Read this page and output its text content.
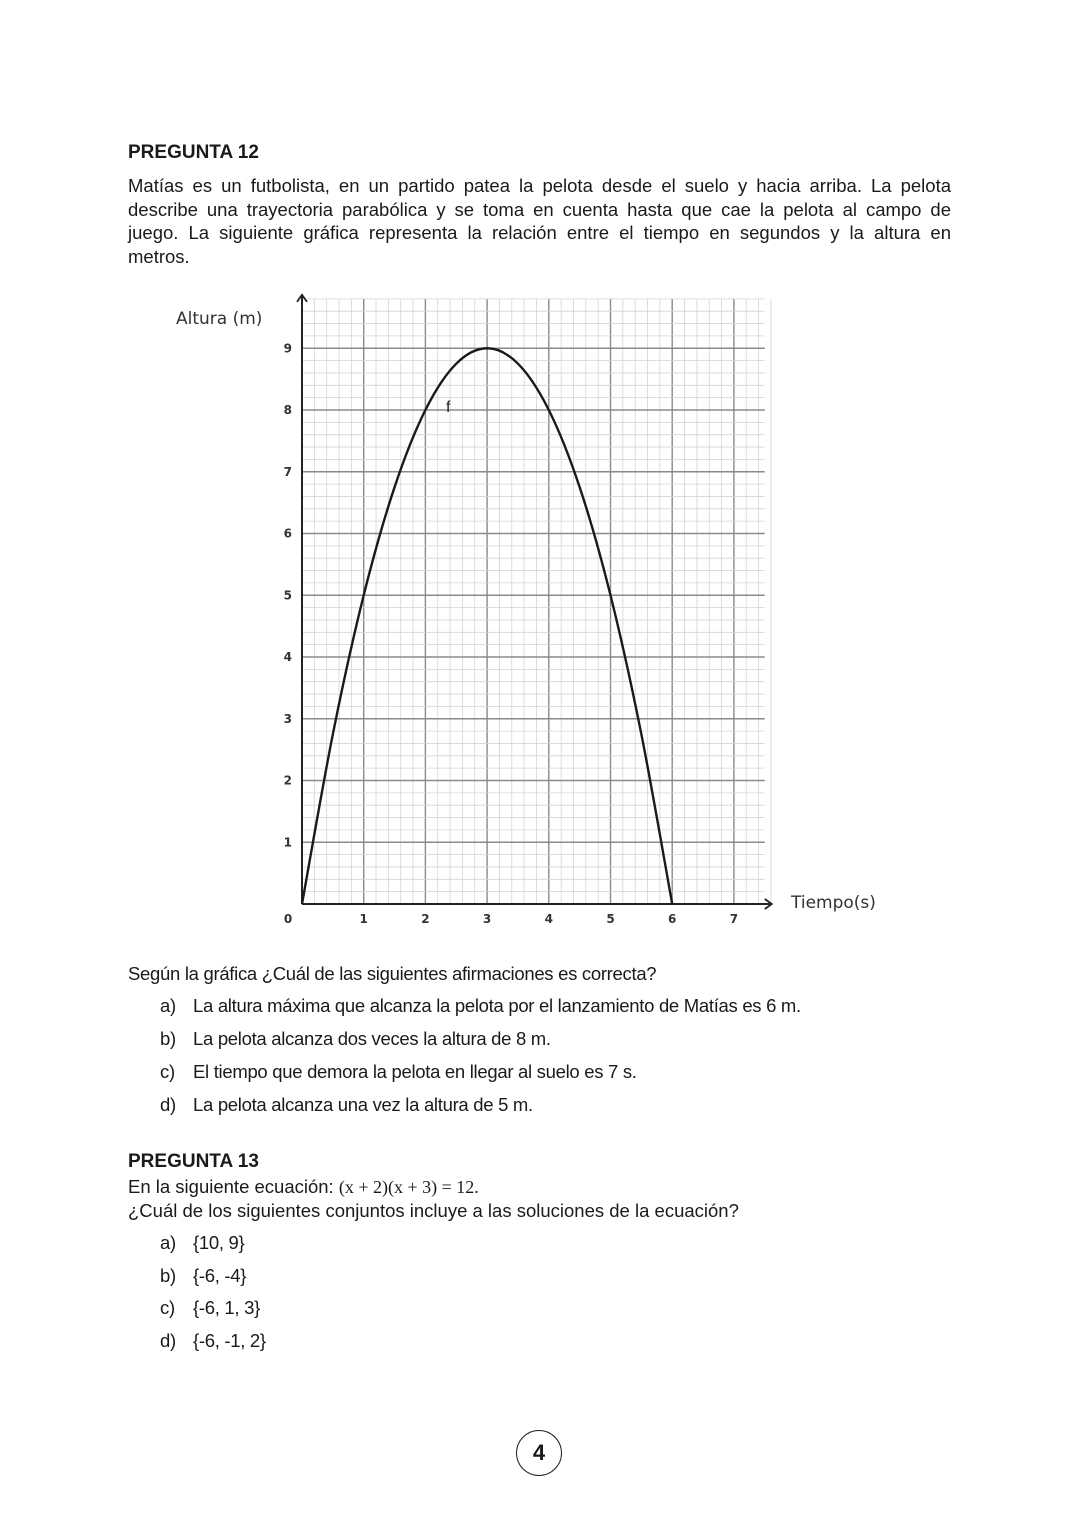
PREGUNTA 12
Matías es un futbolista, en un partido patea la pelota desde el suelo y hacia arriba. La pelota
describe una trayectoria parabólica y se toma en cuenta hasta que cae la pelota al campo de
juego. La siguiente gráfica representa la relación entre el tiempo en segundos y la altura en
metros.
0	1	2	3	4	5	6	7
1
2
3
4
5
6
7
8
9
f
Altura (m)
Tiempo(s)
Según la gráfica ¿Cuál de las siguientes afirmaciones es correcta?
a) La altura máxima que alcanza la pelota por el lanzamiento de Matías es 6 m.
b) La pelota alcanza dos veces la altura de 8 m.
c) El tiempo que demora la pelota en llegar al suelo es 7 s.
d) La pelota alcanza una vez la altura de 5 m.
PREGUNTA 13
En la siguiente ecuación: (x + 2)(x + 3) = 12.
¿Cuál de los siguientes conjuntos incluye a las soluciones de la ecuación?
a) {10, 9}
b) {-6, -4}
c) {-6, 1, 3}
d) {-6, -1, 2}
4
